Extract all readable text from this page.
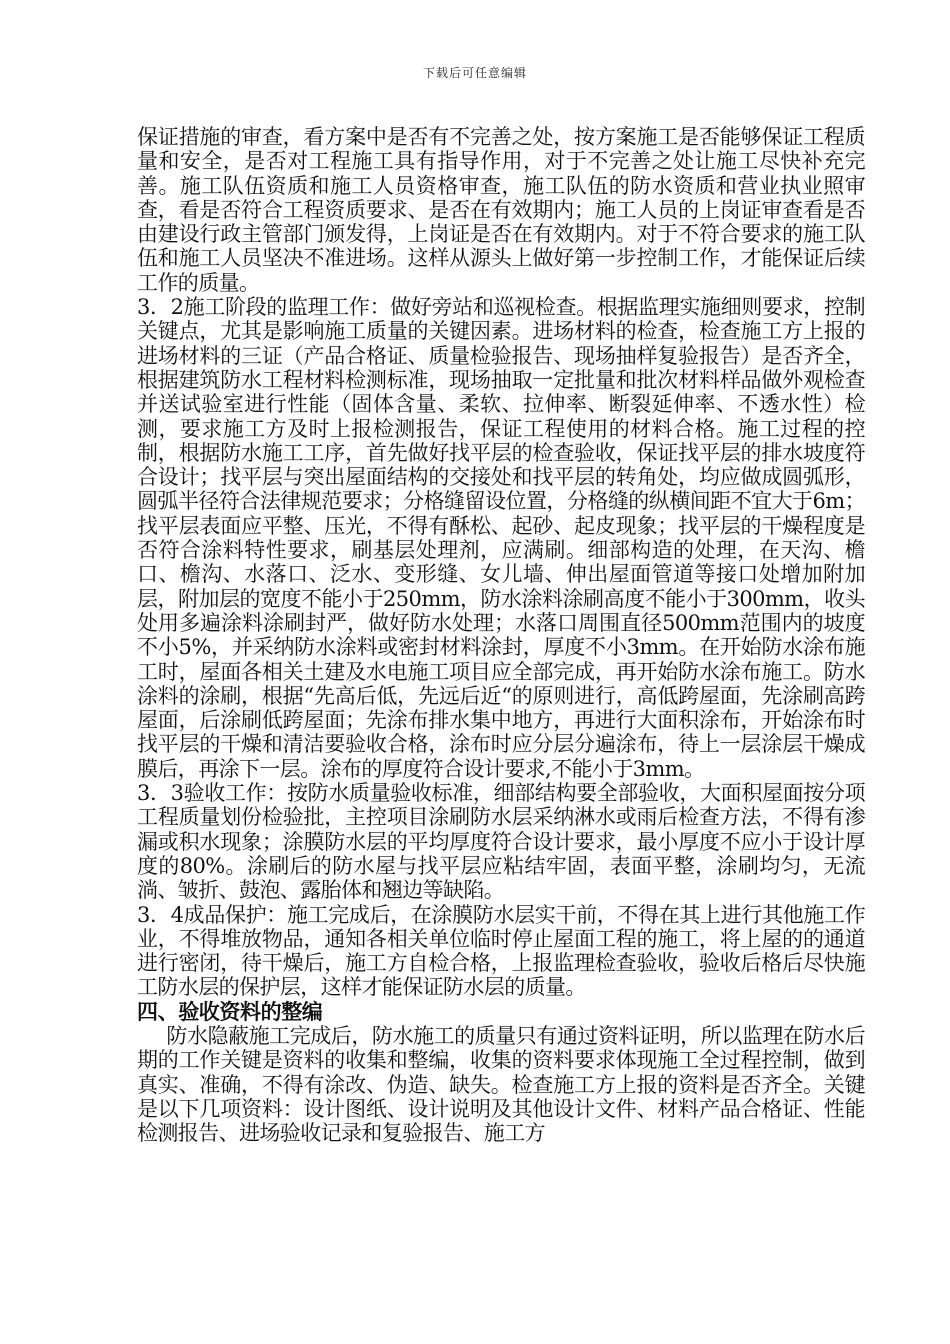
下载后可任意编辑

保证措施的审查，看方案中是否有不完善之处，按方案施工是否能够保证工程质量和安全，是否对工程施工具有指导作用，对于不完善之处让施工尽快补充完善。施工队伍资质和施工人员资格审查，施工队伍的防水资质和营业执业照审查，看是否符合工程资质要求、是否在有效期内；施工人员的上岗证审查看是否由建设行政主管部门颁发得，上岗证是否在有效期内。对于不符合要求的施工队伍和施工人员坚决不准进场。这样从源头上做好第一步控制工作，才能保证后续工作的质量。

3．2施工阶段的监理工作：做好旁站和巡视检查。根据监理实施细则要求，控制关键点，尤其是影响施工质量的关键因素。进场材料的检查，检查施工方上报的进场材料的三证（产品合格证、质量检验报告、现场抽样复验报告）是否齐全，根据建筑防水工程材料检测标准，现场抽取一定批量和批次材料样品做外观检查并送试验室进行性能（固体含量、柔软、拉伸率、断裂延伸率、不透水性）检测，要求施工方及时上报检测报告，保证工程使用的材料合格。施工过程的控制，根据防水施工工序，首先做好找平层的检查验收，保证找平层的排水坡度符合设计；找平层与突出屋面结构的交接处和找平层的转角处，均应做成圆弧形，圆弧半径符合法律规范要求；分格缝留设位置，分格缝的纵横间距不宜大于6m；找平层表面应平整、压光，不得有酥松、起砂、起皮现象；找平层的干燥程度是否符合涂料特性要求，刷基层处理剂，应满刷。细部构造的处理，在天沟、檐口、檐沟、水落口、泛水、变形缝、女儿墙、伸出屋面管道等接口处增加附加层，附加层的宽度不能小于250mm，防水涂料涂刷高度不能小于300mm，收头处用多遍涂料涂刷封严，做好防水处理；水落口周围直径500mm范围内的坡度不小5%，并采纳防水涂料或密封材料涂封，厚度不小3mm。在开始防水涂布施工时，屋面各相关土建及水电施工项目应全部完成，再开始防水涂布施工。防水涂料的涂刷，根据“先高后低，先远后近“的原则进行，高低跨屋面，先涂刷高跨屋面，后涂刷低跨屋面；先涂布排水集中地方，再进行大面积涂布，开始涂布时找平层的干燥和清洁要验收合格，涂布时应分层分遍涂布，待上一层涂层干燥成膜后，再涂下一层。涂布的厚度符合设计要求,不能小于3mm。

3．3验收工作：按防水质量验收标准，细部结构要全部验收，大面积屋面按分项工程质量划份检验批，主控项目涂刷防水层采纳淋水或雨后检查方法，不得有渗漏或积水现象；涂膜防水层的平均厚度符合设计要求，最小厚度不应小于设计厚度的80%。涂刷后的防水屋与找平层应粘结牢固，表面平整，涂刷均匀，无流淌、皱折、鼓泡、露胎体和翘边等缺陷。

3．4成品保护：施工完成后，在涂膜防水层实干前，不得在其上进行其他施工作业，不得堆放物品，通知各相关单位临时停止屋面工程的施工，将上屋的的通道进行密闭，待干燥后，施工方自检合格，上报监理检查验收，验收后格后尽快施工防水层的保护层，这样才能保证防水层的质量。

四、验收资料的整编

防水隐蔽施工完成后，防水施工的质量只有通过资料证明，所以监理在防水后期的工作关键是资料的收集和整编，收集的资料要求体现施工全过程控制，做到真实、准确，不得有涂改、伪造、缺失。检查施工方上报的资料是否齐全。关键是以下几项资料：设计图纸、设计说明及其他设计文件、材料产品合格证、性能检测报告、进场验收记录和复验报告、施工方
